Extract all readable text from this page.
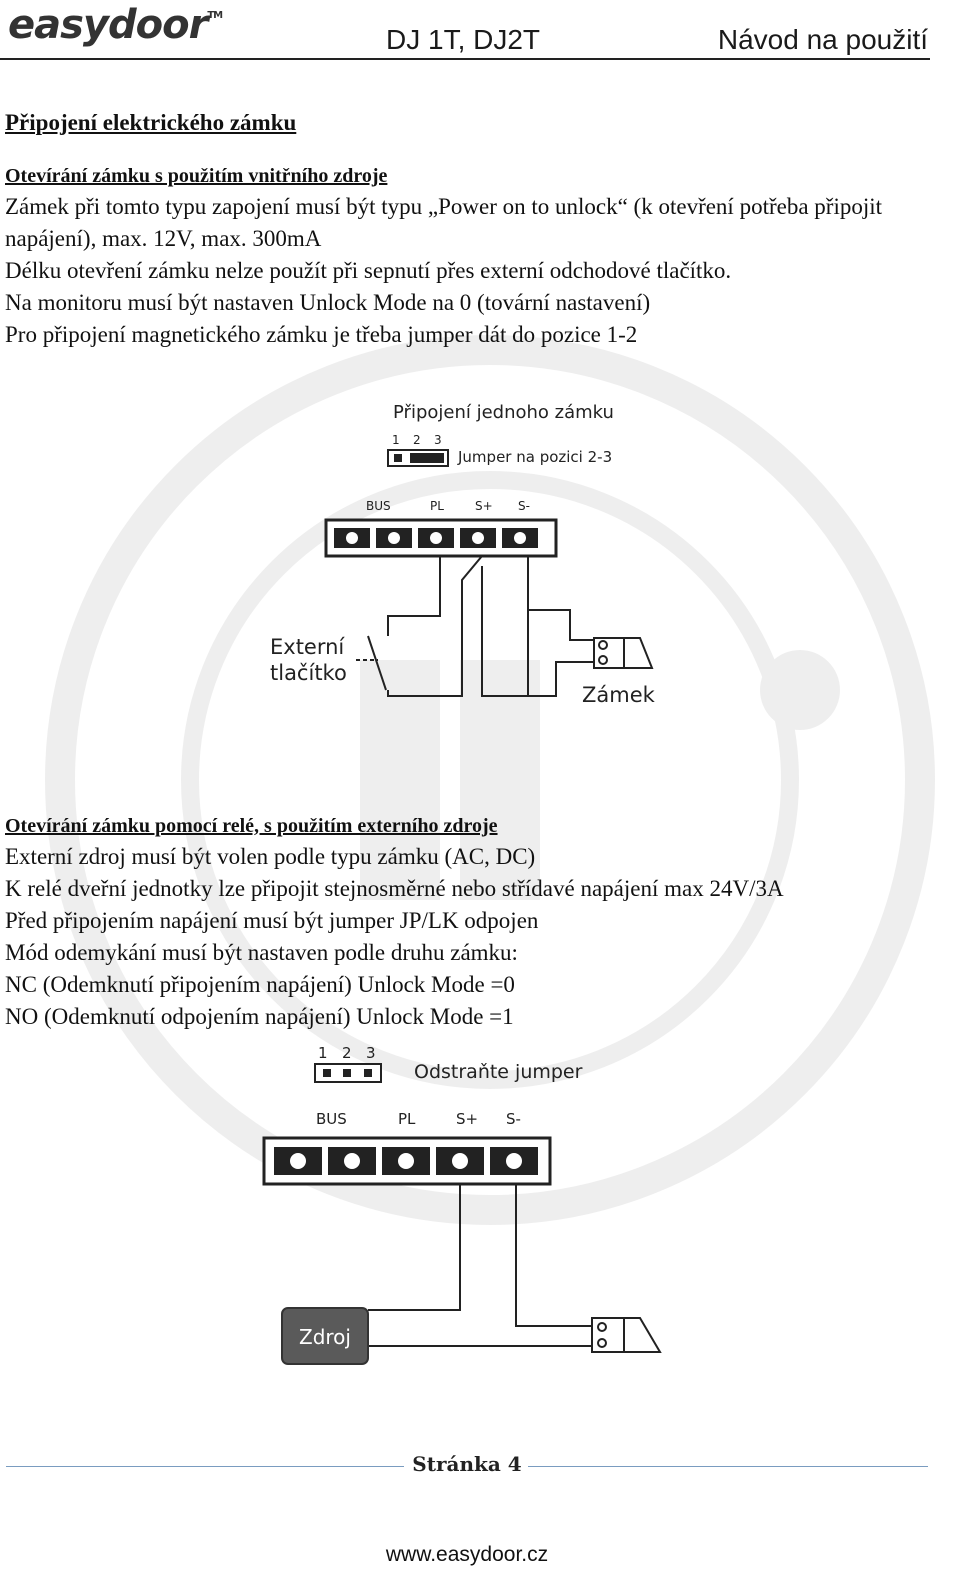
easydoor™
DJ 1T, DJ2T	Návod na použití
Připojení elektrického zámku
Otevírání zámku s použitím vnitřního zdroje
Zámek při tomto typu zapojení musí být typu „Power on to unlock“ (k otevření potřeba připojit
napájení), max. 12V, max. 300mA
Délku otevření zámku nelze použít při sepnutí přes externí odchodové tlačítko.
Na monitoru musí být nastaven Unlock Mode na 0 (tovární nastavení)
Pro připojení magnetického zámku je třeba jumper dát do pozice 1-2
Připojení jednoho zámku
1 2 3
Jumper na pozici 2-3
BUS	PL	S+ S-
Externí
tlačítko
Zámek
Otevírání zámku pomocí relé, s použitím externího zdroje
Externí zdroj musí být volen podle typu zámku (AC, DC)
K relé dveřní jednotky lze připojit stejnosměrné nebo střídavé napájení max 24V/3A
Před připojením napájení musí být jumper JP/LK odpojen
Mód odemykání musí být nastaven podle druhu zámku:
NC (Odemknutí připojením napájení) Unlock Mode =0
NO (Odemknutí odpojením napájení) Unlock Mode =1
1 2 3
Odstraňte jumper
BUS	PL	S+ S-
Zdroj
Stránka 4
www.easydoor.cz
